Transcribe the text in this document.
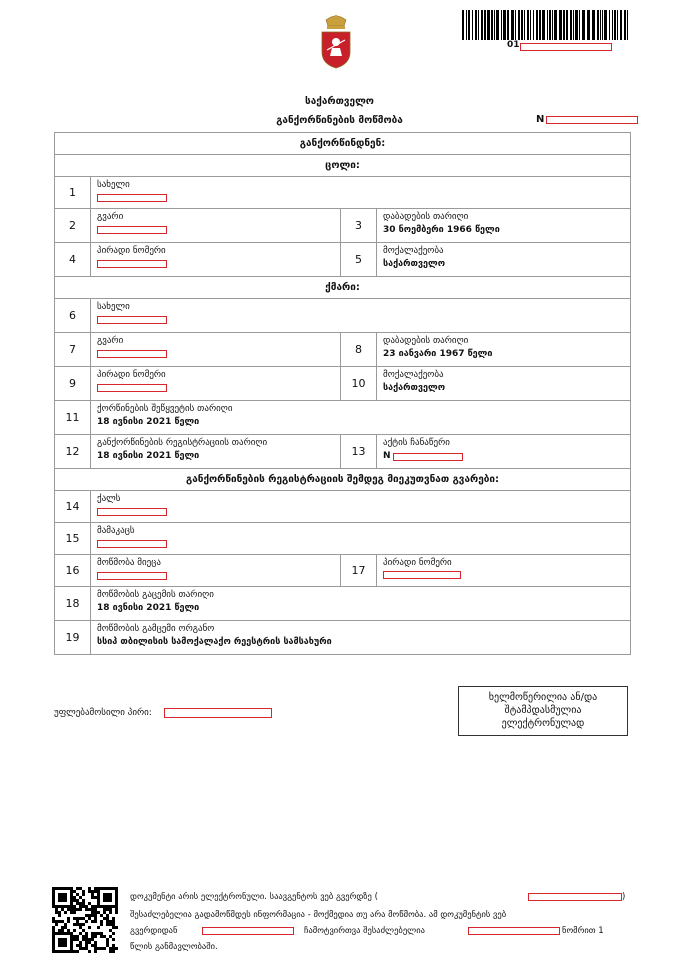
01
საქართველო
განქორწინების მოწმობა	N
განქორწინდნენ:			
ცოლი:			
1	სახელი		

2	გვარი	3	დაბადების თარიღი
30 ნოემბერი 1966 წელი

4	პირადი ნომერი	5	მოქალაქეობა
საქართველო

ქმარი:			
6	სახელი		

7	გვარი	8	დაბადების თარიღი
23 იანვარი 1967 წელი

9	პირადი ნომერი	10	მოქალაქეობა
საქართველო

11	ქორწინების შეწყვეტის თარიღი
18 ივნისი 2021 წელი		

12	განქორწინების რეგისტრაციის თარიღი
18 ივნისი 2021 წელი	13	აქტის ჩანაწერი
N

განქორწინების რეგისტრაციის შემდეგ მიეკუთვნათ გვარები:			
14	ქალს		

15	მამაკაცს		

16	მოწმობა მიეცა	17	პირადი ნომერი

18	მოწმობის გაცემის თარიღი
18 ივნისი 2021 წელი		

19	მოწმობის გამცემი ორგანო
სსიპ თბილისის სამოქალაქო რეესტრის სამსახური		
უფლებამოსილი პირი:
ხელმოწერილია ან/და
შტამპდასმულია
ელექტრონულად
დოკუმენტი არის ელექტრონული. საავგენტოს ვებ გვერდზე (	)
შესაძლებელია გადამოწმდეს ინფორმაცია - მოქმედია თუ არა მოწმობა. ამ დოკუმენტის ვებ
გვერდიდან	ჩამოტვირთვა შესაძლებელია	ნომრით 1
წლის განმავლობაში.
